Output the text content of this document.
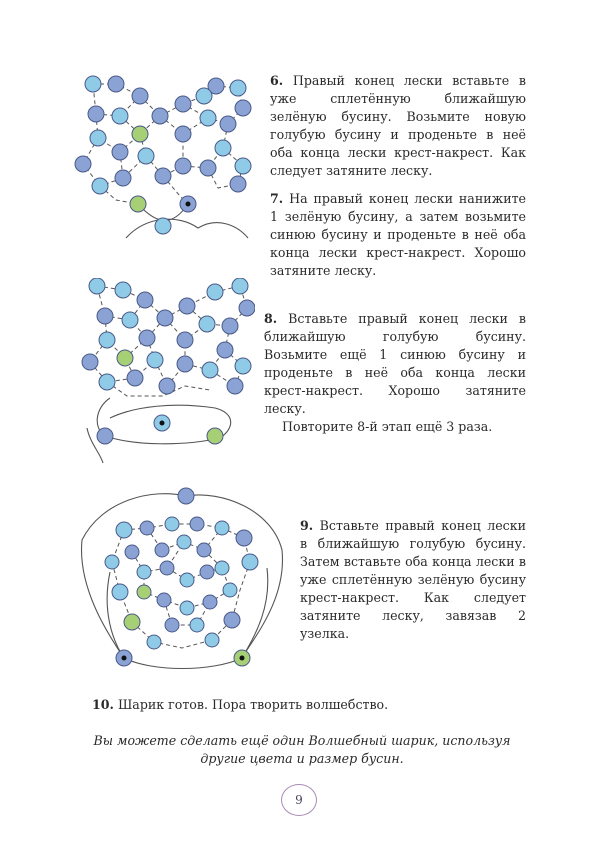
6. Правый конец лески вставьте в уже сплетённую ближайшую зелёную бусину. Возьмите новую голубую бусину и проденьте в неё оба конца лески крест-накрест. Как следует затяните леску.

7. На правый конец лески нанижите 1 зелёную бусину, а затем возьмите синюю бусину и проденьте в неё оба конца лески крест-накрест. Хорошо затяните леску.

8. Вставьте правый конец лески в ближайшую голубую бусину. Возьмите ещё 1 синюю бусину и проденьте в неё оба конца лески крест-накрест. Хорошо затяните леску.

Повторите 8-й этап ещё 3 раза.

9. Вставьте правый конец лески в ближайшую голубую бусину. Затем вставьте оба конца лески в уже сплетённую зелёную бусину крест-накрест. Как следует затяните леску, завязав 2 узелка.

10. Шарик готов. Пора творить волшебство.

Вы можете сделать ещё один Волшебный шарик, используя другие цвета и размер бусин.
9
